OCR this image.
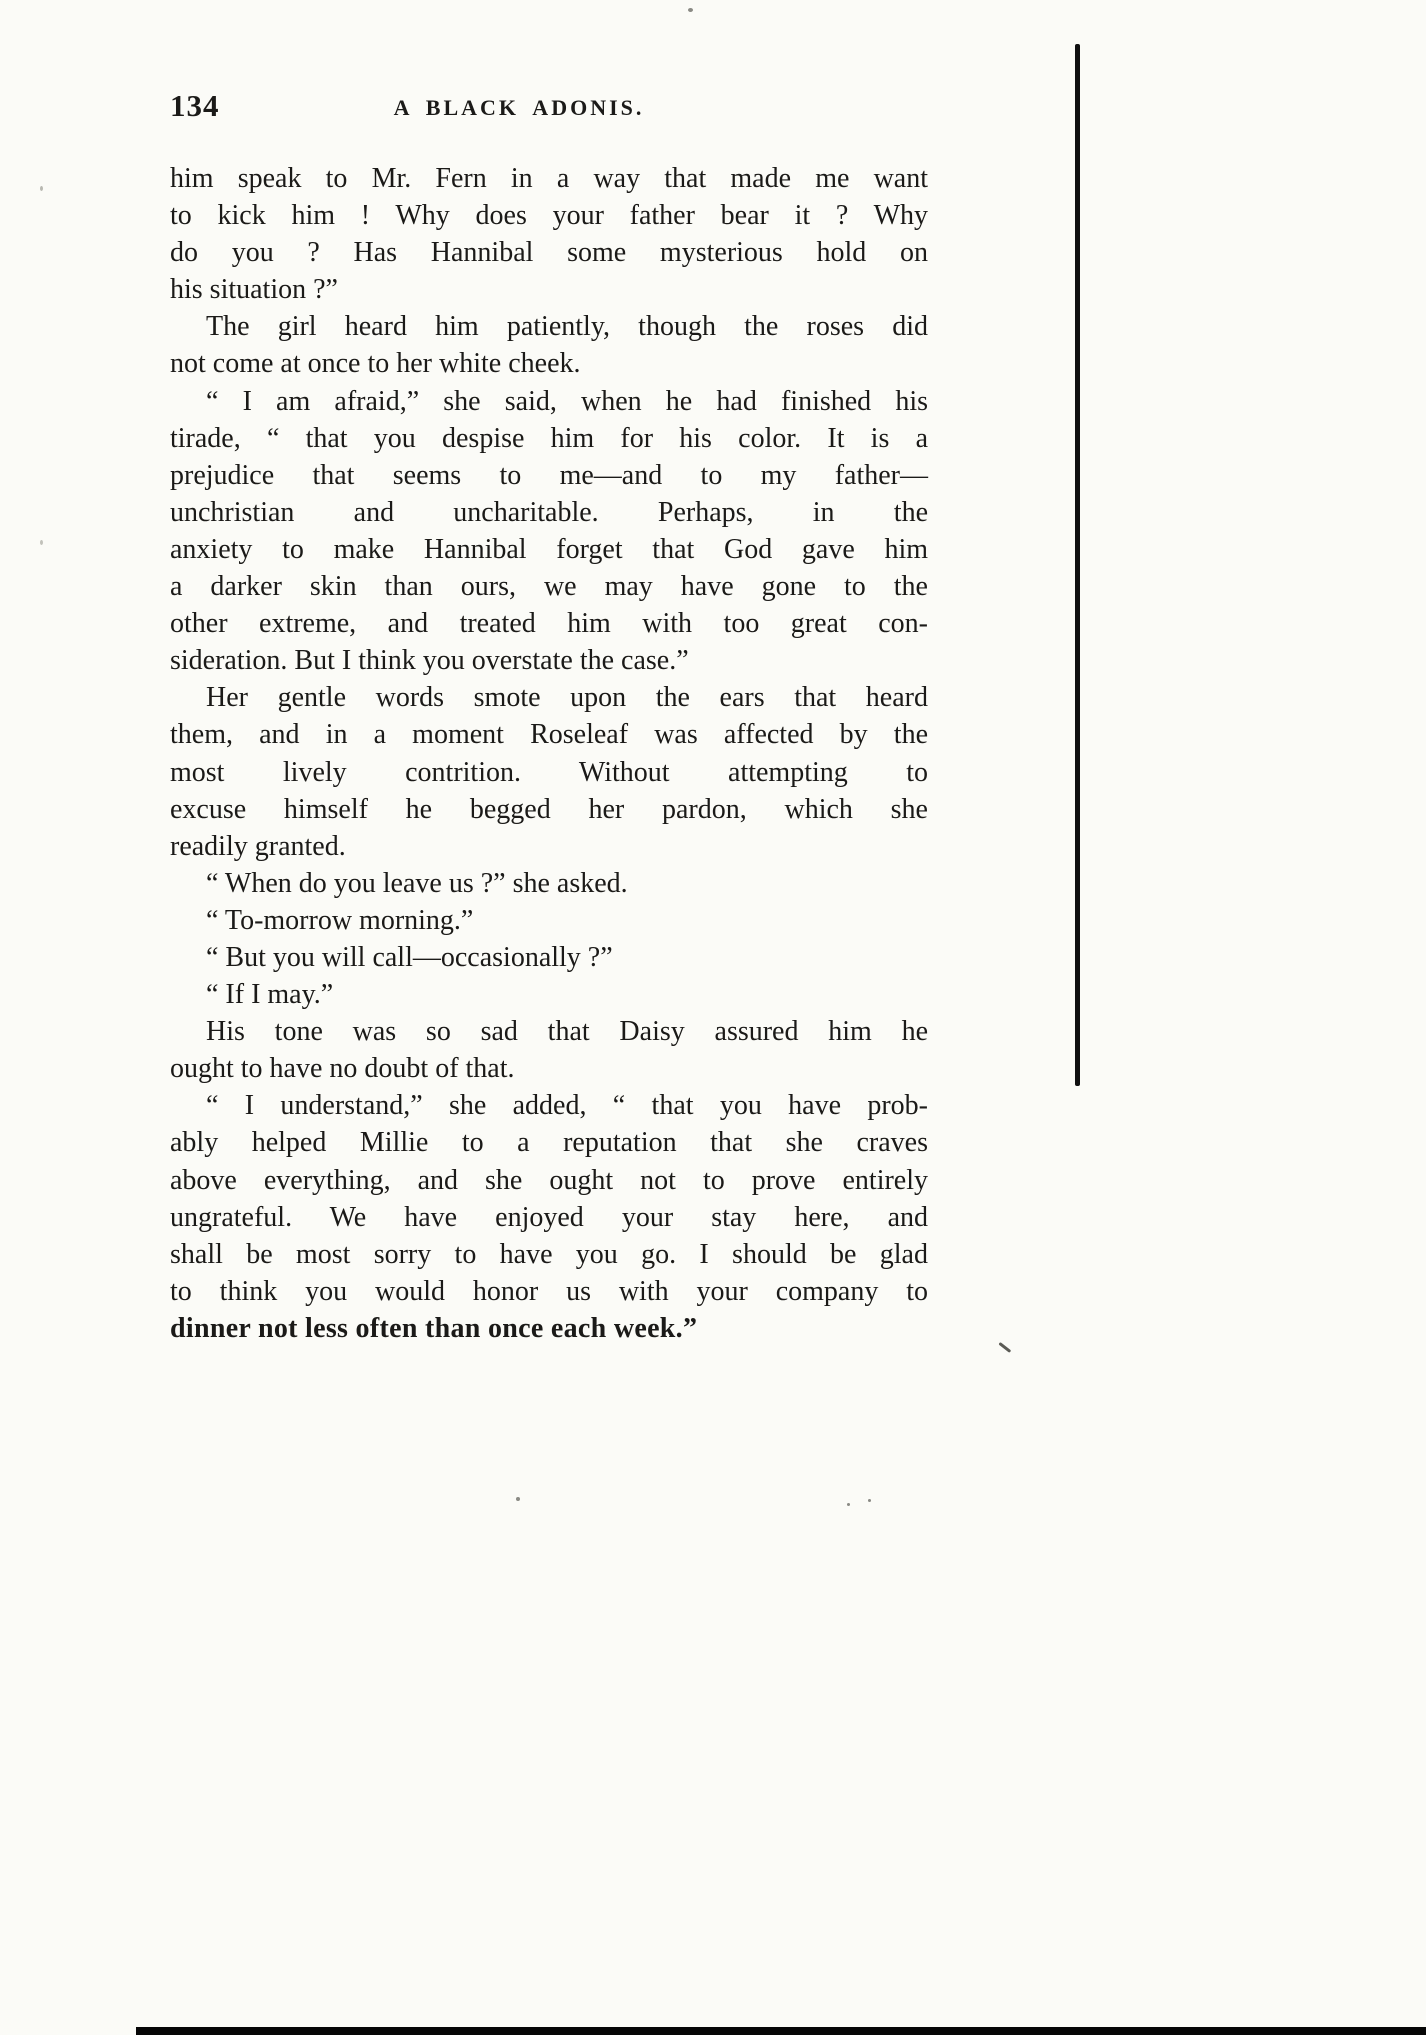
134	A BLACK ADONIS.
him speak to Mr. Fern in a way that made me want
to kick him ! Why does your father bear it ? Why
do you ? Has Hannibal some mysterious hold on
his situation ?”
The girl heard him patiently, though the roses did
not come at once to her white cheek.
“ I am afraid,” she said, when he had finished his
tirade, “ that you despise him for his color. It is a
prejudice that seems to me—and to my father—
unchristian and uncharitable. Perhaps, in the
anxiety to make Hannibal forget that God gave him
a darker skin than ours, we may have gone to the
other extreme, and treated him with too great con-
sideration. But I think you overstate the case.”
Her gentle words smote upon the ears that heard
them, and in a moment Roseleaf was affected by the
most lively contrition. Without attempting to
excuse himself he begged her pardon, which she
readily granted.
“ When do you leave us ?” she asked.
“ To-morrow morning.”
“ But you will call—occasionally ?”
“ If I may.”
His tone was so sad that Daisy assured him he
ought to have no doubt of that.
“ I understand,” she added, “ that you have prob-
ably helped Millie to a reputation that she craves
above everything, and she ought not to prove entirely
ungrateful. We have enjoyed your stay here, and
shall be most sorry to have you go. I should be glad
to think you would honor us with your company to
dinner not less often than once each week.”
